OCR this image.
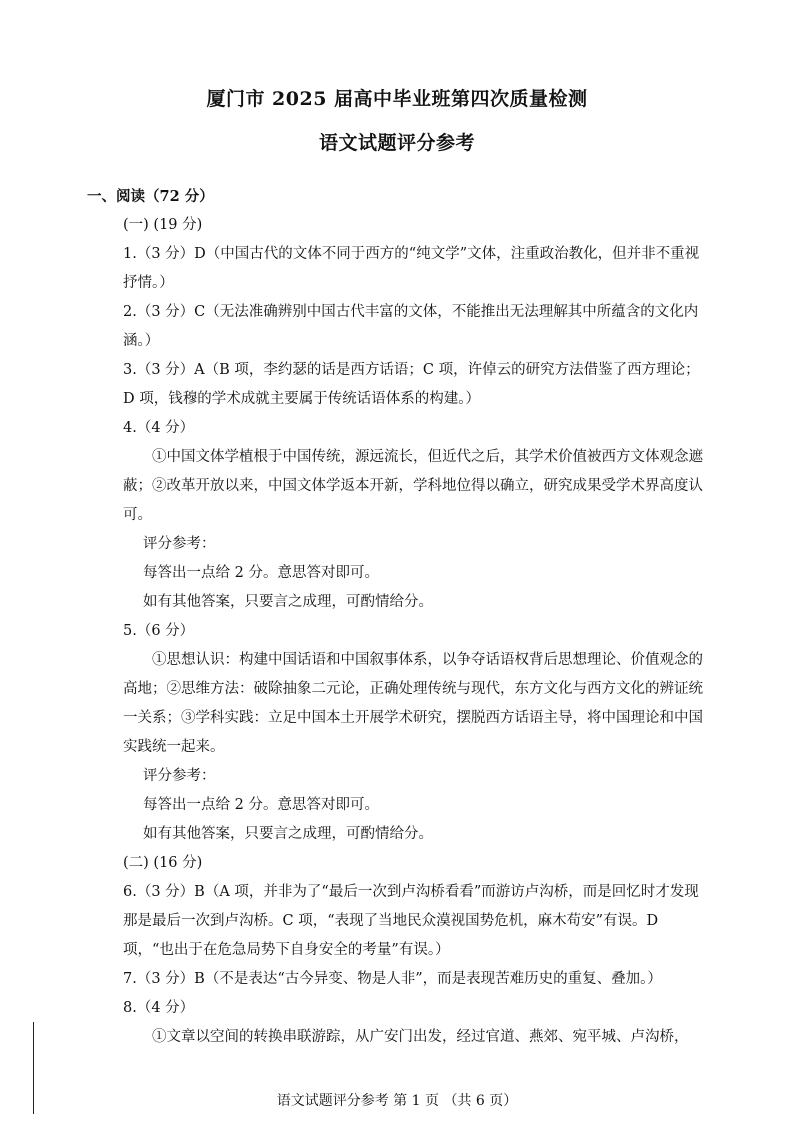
厦门市 2025 届高中毕业班第四次质量检测
语文试题评分参考

一、阅读（72 分）

(一) (19 分)

1.（3 分）D（中国古代的文体不同于西方的“纯文学”文体，注重政治教化，但并非不重视抒情。）

2.（3 分）C（无法准确辨别中国古代丰富的文体，不能推出无法理解其中所蕴含的文化内涵。）

3.（3 分）A（B 项，李约瑟的话是西方话语；C 项，许倬云的研究方法借鉴了西方理论；D 项，钱穆的学术成就主要属于传统话语体系的构建。）

4.（4 分）

①中国文体学植根于中国传统，源远流长，但近代之后，其学术价值被西方文体观念遮蔽；②改革开放以来，中国文体学返本开新，学科地位得以确立，研究成果受学术界高度认可。

评分参考：

每答出一点给 2 分。意思答对即可。

如有其他答案，只要言之成理，可酌情给分。

5.（6 分）

①思想认识：构建中国话语和中国叙事体系，以争夺话语权背后思想理论、价值观念的高地；②思维方法：破除抽象二元论，正确处理传统与现代，东方文化与西方文化的辨证统一关系；③学科实践：立足中国本土开展学术研究，摆脱西方话语主导，将中国理论和中国实践统一起来。

评分参考：

每答出一点给 2 分。意思答对即可。

如有其他答案，只要言之成理，可酌情给分。

(二) (16 分)

6.（3 分）B（A 项，并非为了“最后一次到卢沟桥看看”而游访卢沟桥，而是回忆时才发现那是最后一次到卢沟桥。C 项，“表现了当地民众漠视国势危机，麻木苟安”有误。D 项，“也出于在危急局势下自身安全的考量”有误。）

7.（3 分）B（不是表达“古今异变、物是人非”，而是表现苦难历史的重复、叠加。）

8.（4 分）

①文章以空间的转换串联游踪，从广安门出发，经过官道、燕郊、宛平城、卢沟桥，

语文试题评分参考 第 1 页 （共 6 页）
